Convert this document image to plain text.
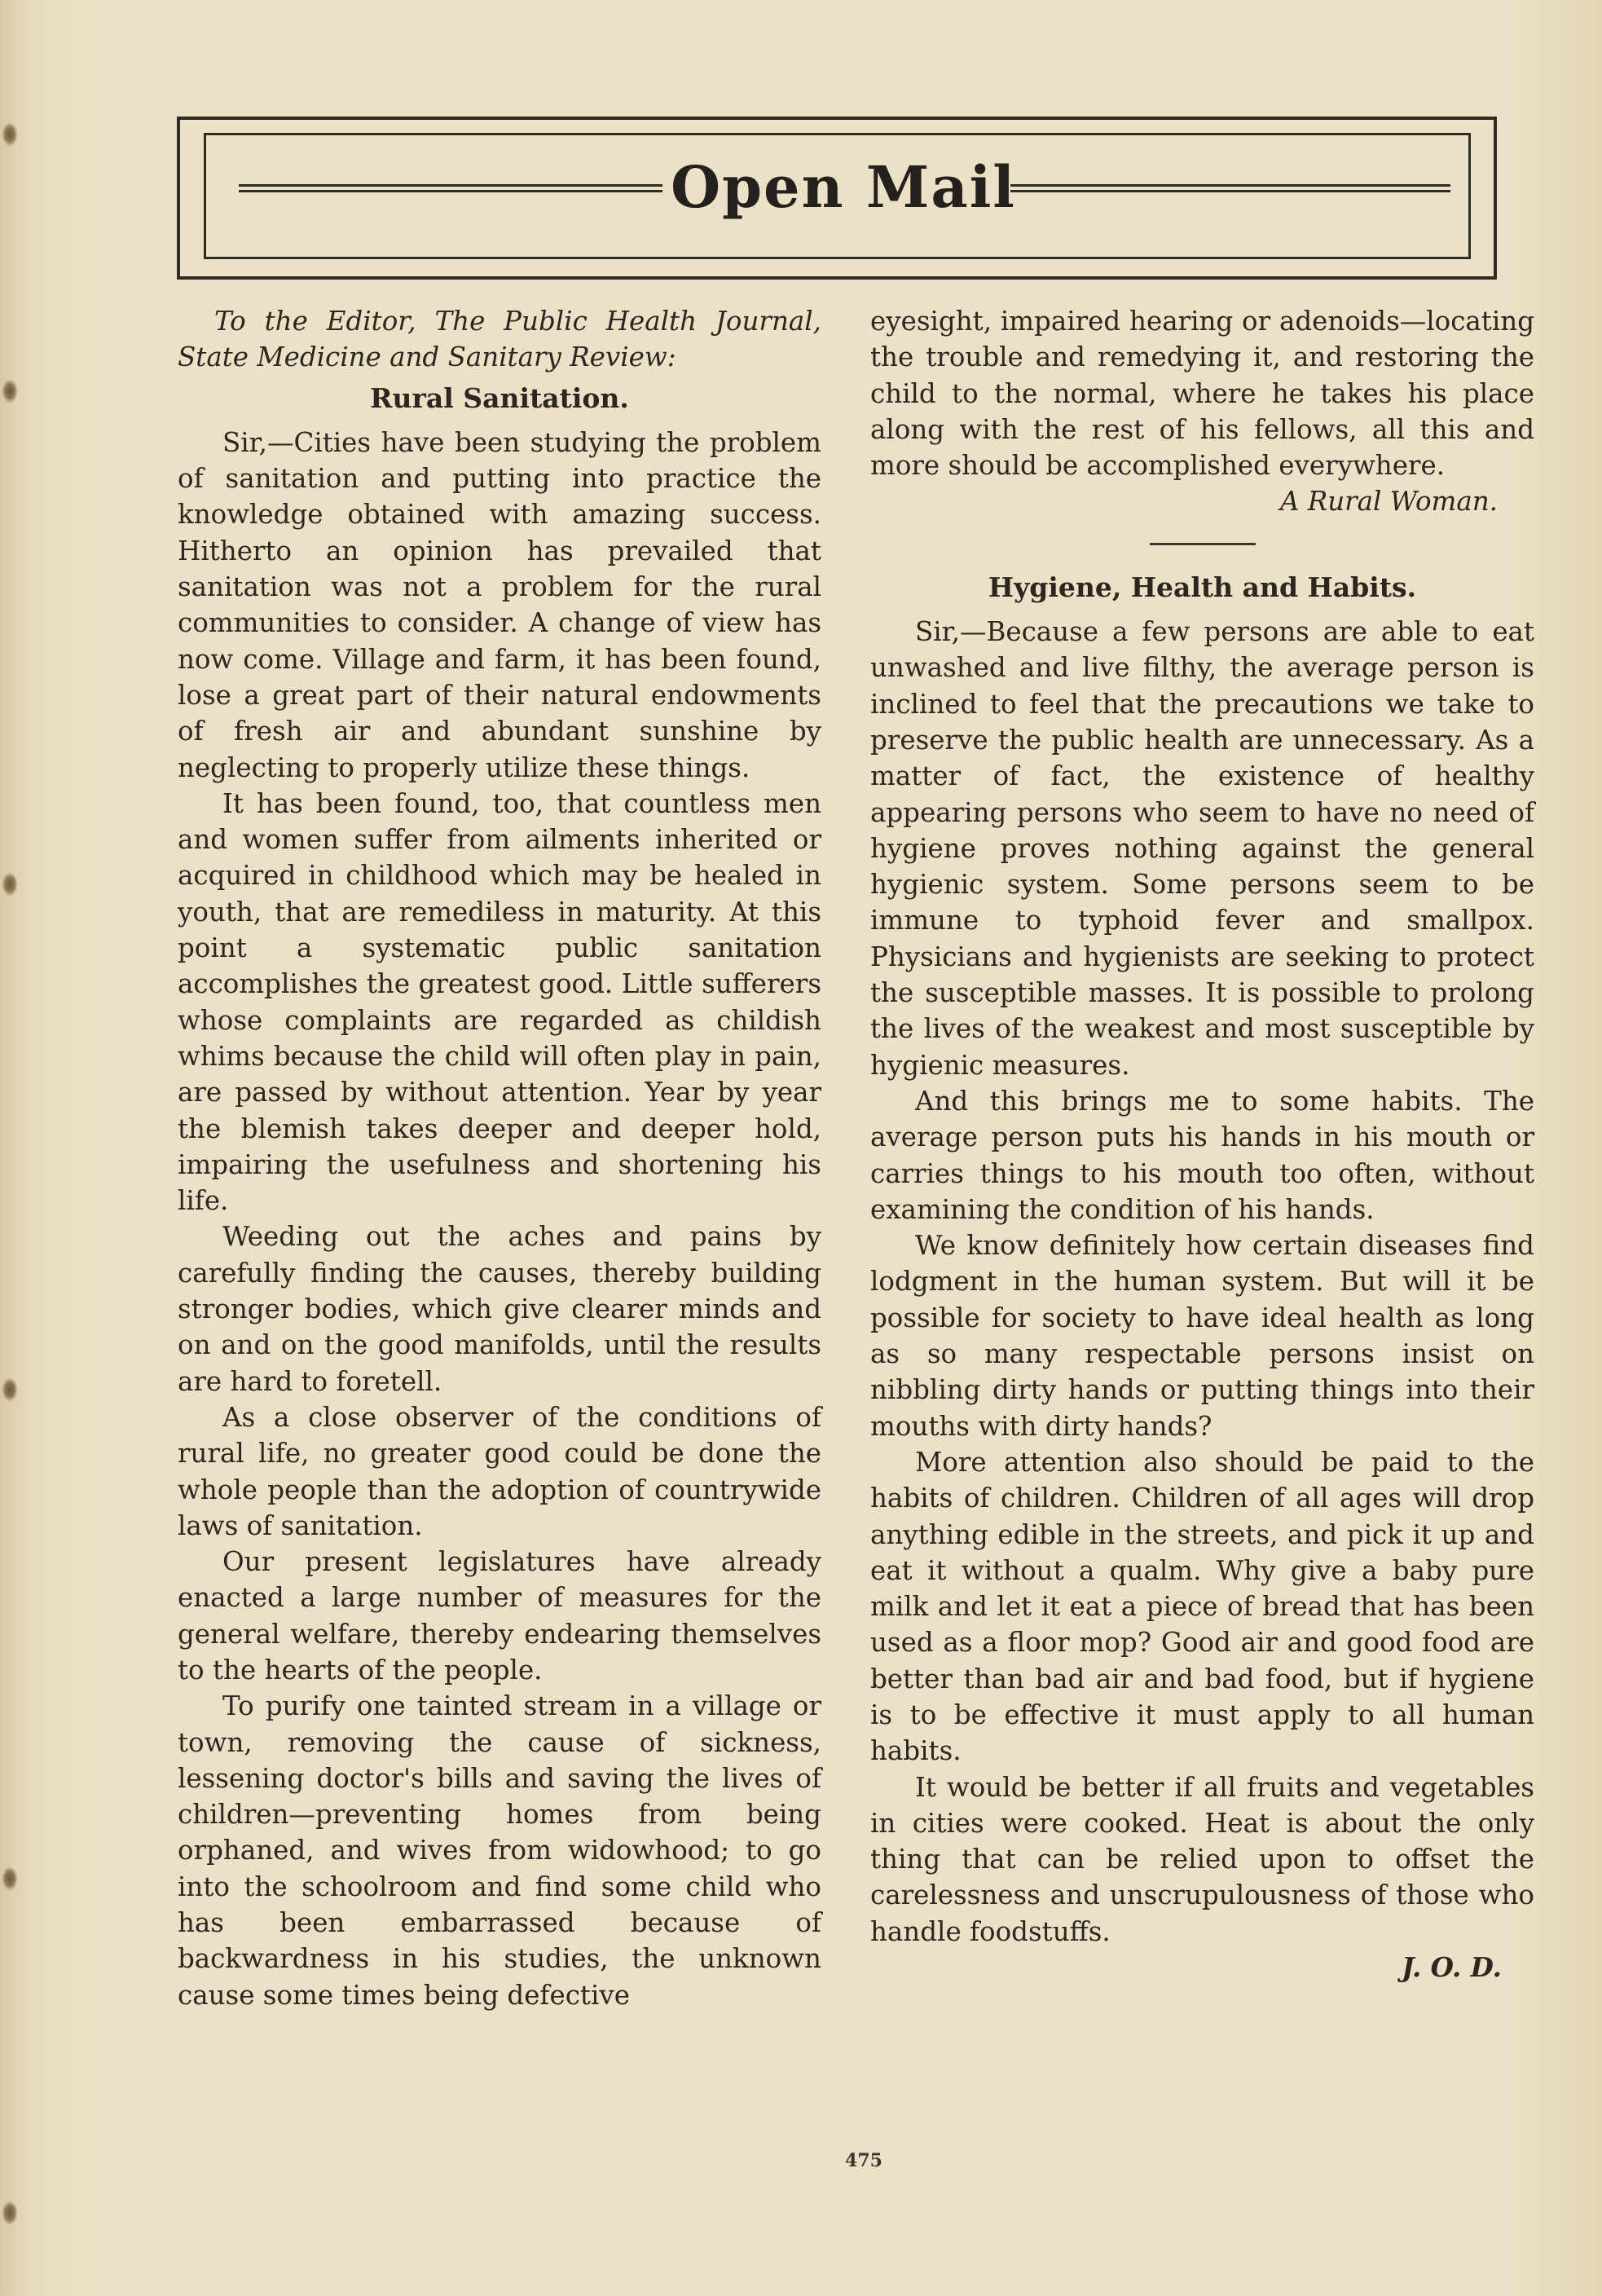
Open Mail

To the Editor, The Public Health Journal, State Medicine and Sanitary Review:

Rural Sanitation.

Sir,—Cities have been studying the problem of sanitation and putting into practice the knowledge obtained with amazing success. Hitherto an opinion has prevailed that sanitation was not a problem for the rural communities to consider. A change of view has now come. Village and farm, it has been found, lose a great part of their natural endowments of fresh air and abundant sunshine by neglecting to properly utilize these things.

It has been found, too, that countless men and women suffer from ailments inherited or acquired in childhood which may be healed in youth, that are remediless in maturity. At this point a systematic public sanitation accomplishes the greatest good. Little sufferers whose complaints are regarded as childish whims because the child will often play in pain, are passed by without attention. Year by year the blemish takes deeper and deeper hold, impairing the usefulness and shortening his life.

Weeding out the aches and pains by carefully finding the causes, thereby building stronger bodies, which give clearer minds and on and on the good manifolds, until the results are hard to foretell.

As a close observer of the conditions of rural life, no greater good could be done the whole people than the adoption of countrywide laws of sanitation.

Our present legislatures have already enacted a large number of measures for the general welfare, thereby endearing themselves to the hearts of the people.

To purify one tainted stream in a village or town, removing the cause of sickness, lessening doctor's bills and saving the lives of children—preventing homes from being orphaned, and wives from widowhood; to go into the schoolroom and find some child who has been embarrassed because of backwardness in his studies, the unknown cause some times being defective

eyesight, impaired hearing or adenoids—locating the trouble and remedying it, and restoring the child to the normal, where he takes his place along with the rest of his fellows, all this and more should be accomplished everywhere.

A Rural Woman.
Hygiene, Health and Habits.

Sir,—Because a few persons are able to eat unwashed and live filthy, the average person is inclined to feel that the precautions we take to preserve the public health are unnecessary. As a matter of fact, the existence of healthy appearing persons who seem to have no need of hygiene proves nothing against the general hygienic system. Some persons seem to be immune to typhoid fever and smallpox. Physicians and hygienists are seeking to protect the susceptible masses. It is possible to prolong the lives of the weakest and most susceptible by hygienic measures.

And this brings me to some habits. The average person puts his hands in his mouth or carries things to his mouth too often, without examining the condition of his hands.

We know definitely how certain diseases find lodgment in the human system. But will it be possible for society to have ideal health as long as so many respectable persons insist on nibbling dirty hands or putting things into their mouths with dirty hands?

More attention also should be paid to the habits of children. Children of all ages will drop anything edible in the streets, and pick it up and eat it without a qualm. Why give a baby pure milk and let it eat a piece of bread that has been used as a floor mop? Good air and good food are better than bad air and bad food, but if hygiene is to be effective it must apply to all human habits.

It would be better if all fruits and vegetables in cities were cooked. Heat is about the only thing that can be relied upon to offset the carelessness and unscrupulousness of those who handle foodstuffs.
J. O. D.

475
